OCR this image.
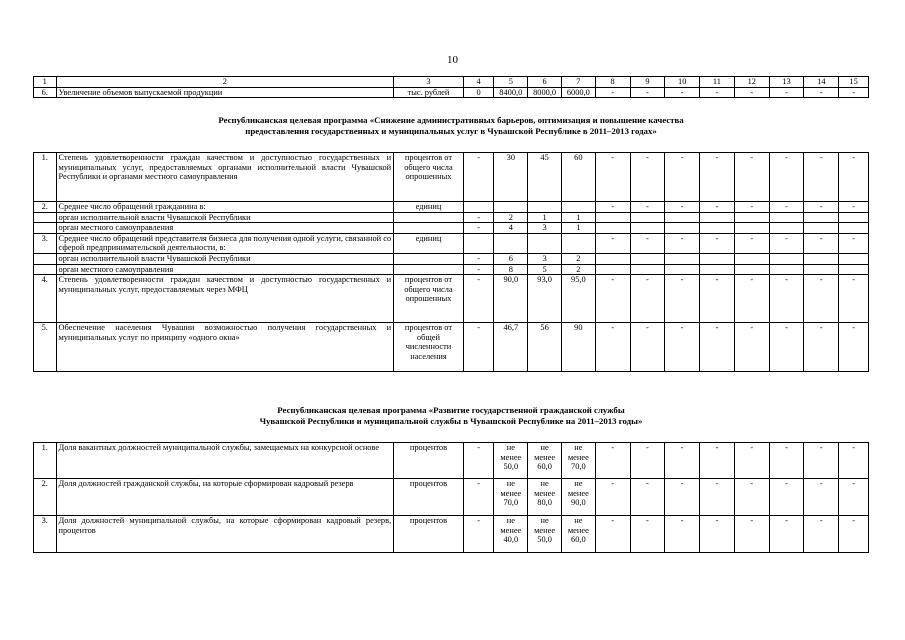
10
1	2	3	4	5	6	7	8	9	10	11	12	13	14	15
6.	Увеличение объемов выпускаемой продукции	тыс. рублей	0	8400,0	8000,0	6000,0	-	-	-	-	-	-	-	-
Республиканская целевая программа «Снижение административных барьеров, оптимизация и повышение качества
предоставления государственных и муниципальных услуг в Чувашской Республике в 2011–2013 годах»
1.	Степень удовлетворенности граждан качеством и доступностью государственных и муниципальных услуг, предоставляемых органами исполнительной власти Чувашской Республики и органами местного самоуправления	процентов от общего числа опрошенных	-	30	45	60	-	-	-	-	-	-	-	-
2.	Среднее число обращений гражданина в:	единиц					-	-	-	-	-	-	-	-
	орган исполнительной власти Чувашской Республики		-	2	1	1								
	орган местного самоуправления		-	4	3	1								
3.	Среднее число обращений представителя бизнеса для получения одной услуги, связанной со сферой предпринимательской деятельности, в:	единиц					-	-	-	-	-	-	-	-
	орган исполнительной власти Чувашской Республики		-	6	3	2								
	орган местного самоуправления		-	8	5	2								
4.	Степень удовлетворенности граждан качеством и доступностью государственных и муниципальных услуг, предоставляемых через МФЦ	процентов от общего числа опрошенных	-	90,0	93,0	95,0	-	-	-	-	-	-	-	-
5.	Обеспечение населения Чувашии возможностью получения государственных и муниципальных услуг по принципу «одного окна»	процентов от общей численности населения	-	46,7	56	90	-	-	-	-	-	-	-	-
Республиканская целевая программа «Развитие государственной гражданской службы
Чувашской Республики и муниципальной службы в Чувашской Республике на 2011–2013 годы»
1.	Доля вакантных должностей муниципальной службы, замещаемых на конкурсной основе	процентов	-	не менее 50,0	не менее 60,0	не менее 70,0	-	-	-	-	-	-	-	-
2.	Доля должностей гражданской службы, на которые сформирован кадровый резерв	процентов	-	не менее 70,0	не менее 80,0	не менее 90,0	-	-	-	-	-	-	-	-
3.	Доля должностей муниципальной службы, на которые сформирован кадровый резерв, процентов	процентов	-	не менее 40,0	не менее 50,0	не менее 60,0	-	-	-	-	-	-	-	-
